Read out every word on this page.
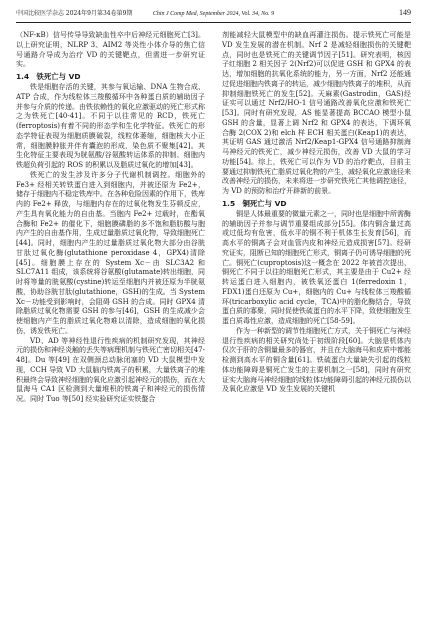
中国比较医学杂志 2024年9月第34卷第9期	Chin J Comp Med, September 2024, Vol. 34, No. 9	149

（NF-κB）信号传导导致缺血性卒中后神经元细胞死亡[3]。以上研究证明，NLRP 3、AIM2 等炎性小体介导的焦亡信号通路介导成为治疗 VD 的关键靶点，但需进一步研究证实。

1.4　铁死亡与 VD

铁是细胞存活的关键，其参与氧运输、DNA 生物合成、ATP 合成，作为线粒体三羧酸循环中各种蛋白质的辅助因子并参与介质的传递。由铁依赖性的氧化应激驱动的死亡形式称之为铁死亡[40-41]。不同于以往常见的 RCD，铁死亡(ferroptosis)有着不同的形态学和生化学特征。铁死亡的形态学特征表现为细胞质膜破裂，线粒体萎缩，细胞核大小正常，细胞膜肿胀并伴有囊泡的形成，染色质不聚集[42]。其生化特征主要表现为胱氨酸/谷氨酸转运体系的抑制、细胞内铁超负荷引起的 ROS 的积累以及脂质过氧化的增加[43]。

铁死亡的发生涉及许多分子代谢机制调控。细胞外的 Fe3+ 经相关转铁蛋白进入到细胞内，并被还原为 Fe2+，储存于细胞内不稳定铁库中。在各种危险因素的作用下，铁库内的 Fe2+ 释放，与细胞内存在的过氧化物发生芬顿反应，产生具有氧化能力的自由基。当胞内 Fe2+ 过载时，在酯氧合酶和 Fe2+ 的催化下，细胞膜磷脂的多不饱和脂肪酸与胞内产生的自由基作用，生成过量脂质过氧化物，导致细胞死亡[44]。同时，细胞内产生的过量脂质过氧化物大部分由谷胱甘肽过氧化酶(glutathione peroxidase 4，GPX4)清除[45]。细胞膜上存在的 System Xc－由 SLC3A2 和 SLC7A11 组成，该系统将谷氨酸(glutamate)转出细胞，同时将等量的胱氨酸(cystine)转运至细胞内并被还原为半胱氨酸，协助谷胱甘肽(glutathione，GSH)的生成。当 System Xc－功能受到影响时，会阻碍 GSH 的合成。同时 GPX4 清除脂质过氧化物需要 GSH 的参与[46]，GSH 的生成减少会使细胞内产生的脂质过氧化物难以清除，造成细胞的氧化损伤，诱发铁死亡。

VD、AD 等神经性退行性疾病的机制研究发现，其神经元的损伤和神经炎触的丢失等病理机制与铁死亡密切相关[47-48]。Du 等[49] 在双侧颈总动脉闭塞的 VD 大鼠模型中发现，CCH 导致 VD 大鼠脑内铁离子的积累，大量铁离子的堆积最终会导致神经细胞的氧化应激引起神经元的损伤，而在大鼠海马 CA1 区检测到大量堆积的铁离子和神经元的损伤情况。同时 Tuo 等[50] 经实验研究证实铁螯合

剂能减轻大鼠模型中的缺血再灌注损伤。提示铁死亡可能是 VD 发生发展的潜在机制。Nrf 2 是减轻细胞损伤的关键靶点，同时也是铁死亡的关键调节因子[51]。研究表明，核因子红细胞 2 相关因子 2(Nrf2)可以促进 GSH 和 GPX4 的表达，增加细胞的抗氧化系统的能力，另一方面，Nrf2 还能通过促进细胞内铁离子的转运，减少细胞内铁离子的堆积，从而抑制细胞铁死亡的发生[52]。天麻素(Gastrodin，GAS)经证实可以通过 Nrf2/HO-1 信号通路改善氧化应激和铁死亡[53]。同时有研究发现，AS 能显著提高 BCCAO 模型小鼠 GSH 的含量，显著上调 Nrf2 和 GPX4 的表达，下调环氧合酶 2(COX 2)和 elch 样 ECH 相关蛋白(Keap1)的表达，其证明 GAS 通过激活 Nrf2/Keap1-GPX4 信号通路抑制海马神经元的铁死亡，减少神经元损伤，改善 VD 大鼠的学习功能[54]。综上，铁死亡可以作为 VD 的治疗靶点，目前主要通过抑制铁死亡脂质过氧化物的产生，减轻氧化应激途径来改善神经元的损伤，未来将进一步研究铁死亡其他调控途径，为 VD 的预防和治疗开辟新的前景。

1.5　铜死亡与 VD

铜是人体最重要的微量元素之一，同时也是细胞中所需酶的辅助因子并参与调节重要组成部分[55]。体内铜含量过高或过低均有危害，低水平的铜不利于机体生长发育[56]，而高水平的铜离子会对血管内皮和神经元造成损害[57]。经研究证实，阻断已知的细胞死亡形式，铜离子仍可诱导细胞的死亡。铜死亡(cuproptosis)这一概念在 2022 年被首次提出，铜死亡不同于以往的细胞死亡形式，其主要是由于 Cu2+ 经转运蛋白进入细胞内，被铁氧还蛋白 1(ferredoxin 1，FDX1)蛋白还原为 Cu+，细胞内的 Cu+ 与线粒体三羧酸循环(tricarboxylic acid cycle，TCA)中的脂化酶结合，导致蛋白质的寡聚，同时促使铁硫蛋白的水平下降，致使细胞发生蛋白质毒性应激，造成细胞的死亡[58-59]。

作为一种新型的调节性细胞死亡方式，关于铜死亡与神经退行性疾病的相关研究尚处于初级阶段[60]。大脑是机体内仅次于肝的含铜量最多的器官，并且在大脑海马和皮质中都能检测到高水平的铜含量[61]。铁硫蛋白大量缺失引起的线粒体功能障碍是铜死亡发生的主要机制之一[58]，同时有研究证实大脑海马神经细胞的线粒体功能障碍引起的神经元损伤以及氧化应激是 VD 发生发展的关键机
